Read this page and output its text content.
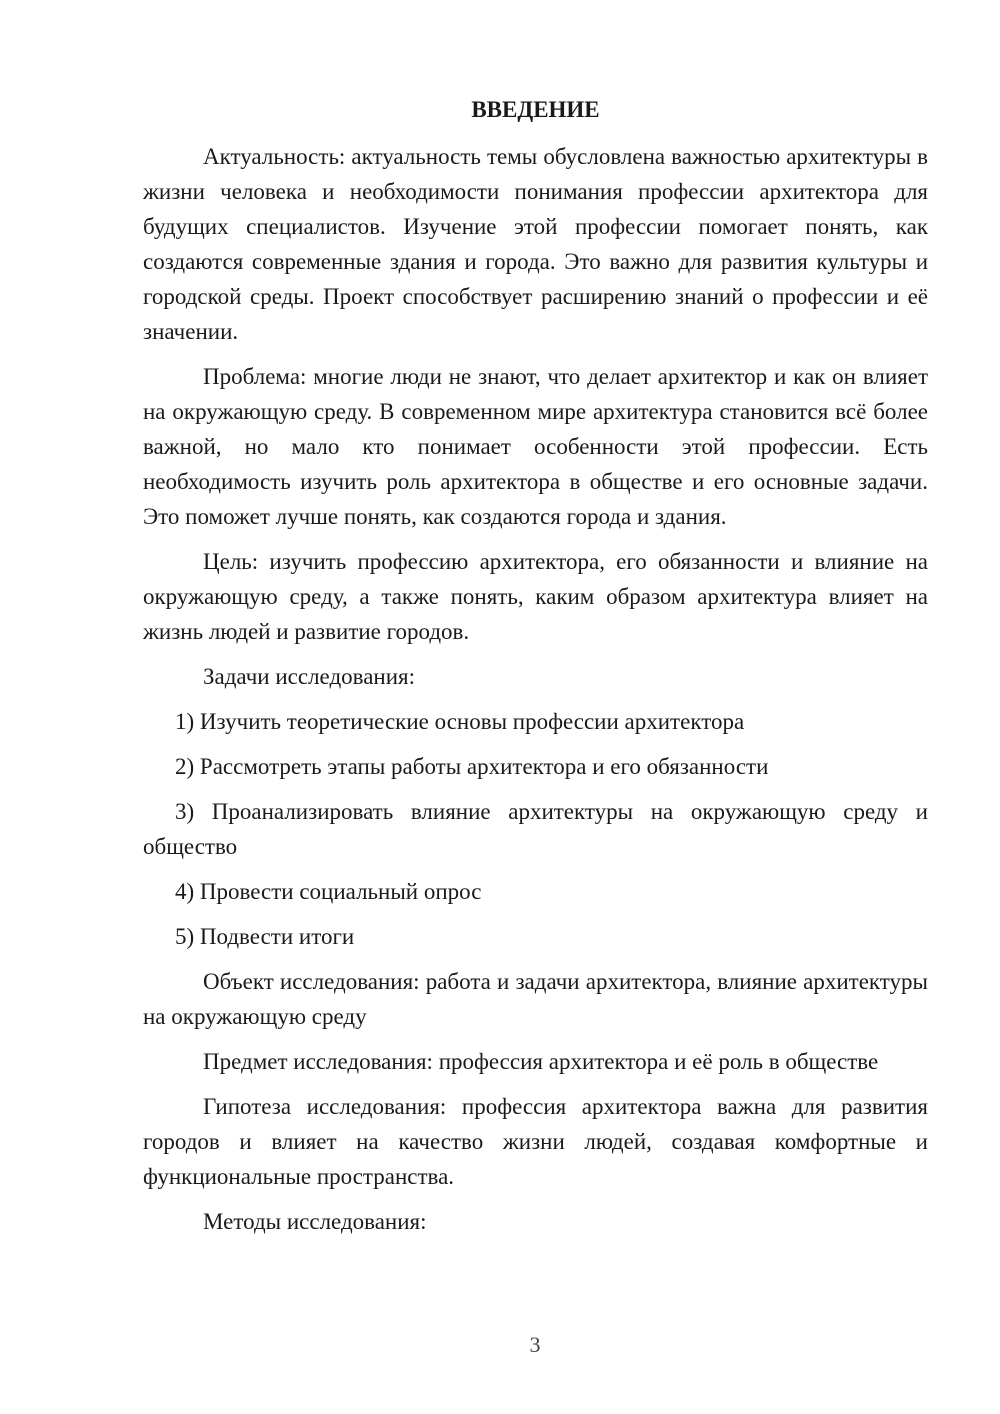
ВВЕДЕНИЕ

Актуальность: актуальность темы обусловлена важностью архитектуры в жизни человека и необходимости понимания профессии архитектора для будущих специалистов. Изучение этой профессии помогает понять, как создаются современные здания и города. Это важно для развития культуры и городской среды. Проект способствует расширению знаний о профессии и её значении.

Проблема: многие люди не знают, что делает архитектор и как он влияет на окружающую среду. В современном мире архитектура становится всё более важной, но мало кто понимает особенности этой профессии. Есть необходимость изучить роль архитектора в обществе и его основные задачи. Это поможет лучше понять, как создаются города и здания.

Цель: изучить профессию архитектора, его обязанности и влияние на окружающую среду, а также понять, каким образом архитектура влияет на жизнь людей и развитие городов.

Задачи исследования:

1) Изучить теоретические основы профессии архитектора

2) Рассмотреть этапы работы архитектора и его обязанности

3) Проанализировать влияние архитектуры на окружающую среду и общество

4) Провести социальный опрос

5) Подвести итоги

Объект исследования: работа и задачи архитектора, влияние архитектуры на окружающую среду

Предмет исследования: профессия архитектора и её роль в обществе

Гипотеза исследования: профессия архитектора важна для развития городов и влияет на качество жизни людей, создавая комфортные и функциональные пространства.

Методы исследования:

3
